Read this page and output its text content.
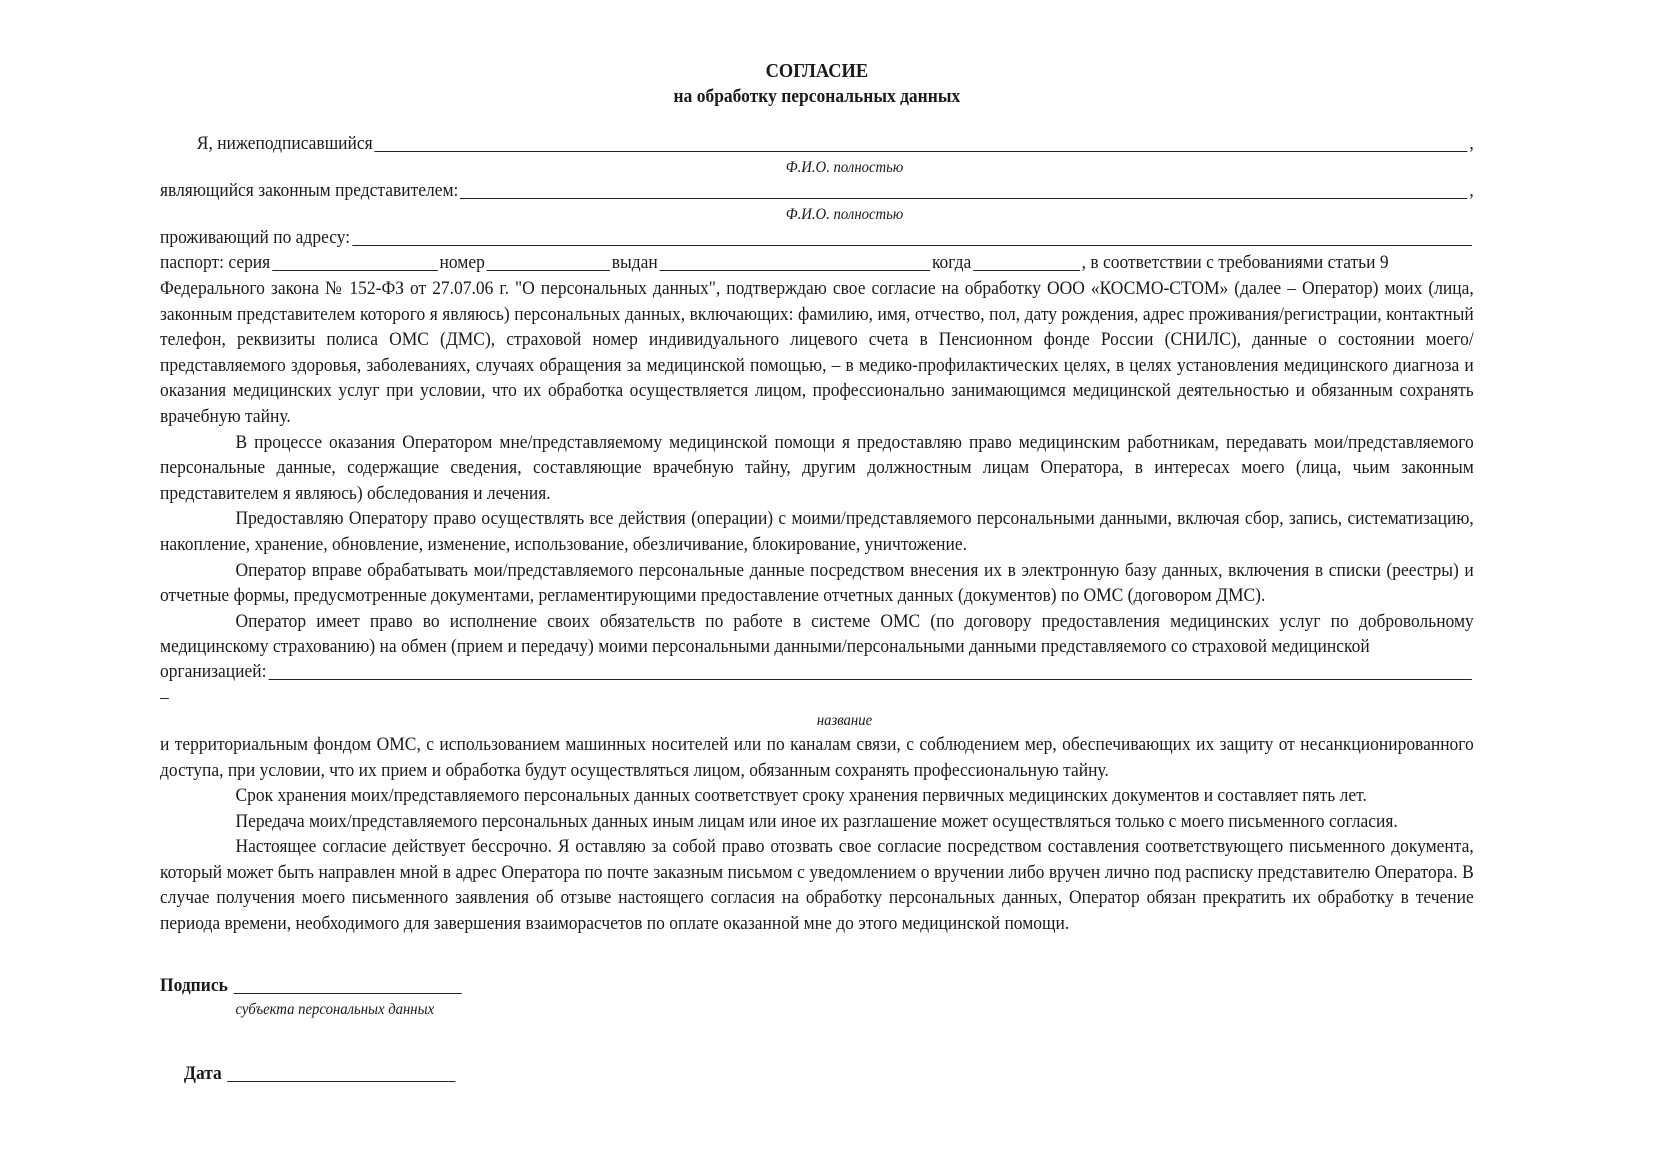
СОГЛАСИЕ
на обработку персональных данных
Я, нижеподписавшийся	,
Ф.И.О. полностью
являющийся законным представителем:	,
Ф.И.О. полностью
проживающий по адресу:
паспорт: серия	номер	выдан	когда	, в соответствии с требованиями статьи 9

Федерального закона № 152-ФЗ от 27.07.06 г. "О персональных данных", подтверждаю свое согласие на обработку ООО «КОСМО-СТОМ» (далее – Оператор) моих (лица, законным представителем которого я являюсь) персональных данных, включающих: фамилию, имя, отчество, пол, дату рождения, адрес проживания/регистрации, контактный телефон, реквизиты полиса ОМС (ДМС), страховой номер индивидуального лицевого счета в Пенсионном фонде России (СНИЛС), данные о состоянии моего/представляемого здоровья, заболеваниях, случаях обращения за медицинской помощью, – в медико-профилактических целях, в целях установления медицинского диагноза и оказания медицинских услуг при условии, что их обработка осуществляется лицом, профессионально занимающимся медицинской деятельностью и обязанным сохранять врачебную тайну.

В процессе оказания Оператором мне/представляемому медицинской помощи я предоставляю право медицинским работникам, передавать мои/представляемого персональные данные, содержащие сведения, составляющие врачебную тайну, другим должностным лицам Оператора, в интересах моего (лица, чьим законным представителем я являюсь) обследования и лечения.

Предоставляю Оператору право осуществлять все действия (операции) с моими/представляемого персональными данными, включая сбор, запись, систематизацию, накопление, хранение, обновление, изменение, использование, обезличивание, блокирование, уничтожение.

Оператор вправе обрабатывать мои/представляемого персональные данные посредством внесения их в электронную базу данных, включения в списки (реестры) и отчетные формы, предусмотренные документами, регламентирующими предоставление отчетных данных (документов) по ОМС (договором ДМС).

Оператор имеет право во исполнение своих обязательств по работе в системе ОМС (по договору предоставления медицинских услуг по добровольному медицинскому страхованию) на обмен (прием и передачу) моими персональными данными/персональными данными представляемого со страховой медицинской

организацией:
–
название

и территориальным фондом ОМС, с использованием машинных носителей или по каналам связи, с соблюдением мер, обеспечивающих их защиту от несанкционированного доступа, при условии, что их прием и обработка будут осуществляться лицом, обязанным сохранять профессиональную тайну.

Срок хранения моих/представляемого персональных данных соответствует сроку хранения первичных медицинских документов и составляет пять лет.

Передача моих/представляемого персональных данных иным лицам или иное их разглашение может осуществляться только с моего письменного согласия.

Настоящее согласие действует бессрочно. Я оставляю за собой право отозвать свое согласие посредством составления соответствующего письменного документа, который может быть направлен мной в адрес Оператора по почте заказным письмом с уведомлением о вручении либо вручен лично под расписку представителю Оператора. В случае получения моего письменного заявления об отзыве настоящего согласия на обработку персональных данных, Оператор обязан прекратить их обработку в течение периода времени, необходимого для завершения взаиморасчетов по оплате оказанной мне до этого медицинской помощи.

Подпись
субъекта персональных данных
Дата
